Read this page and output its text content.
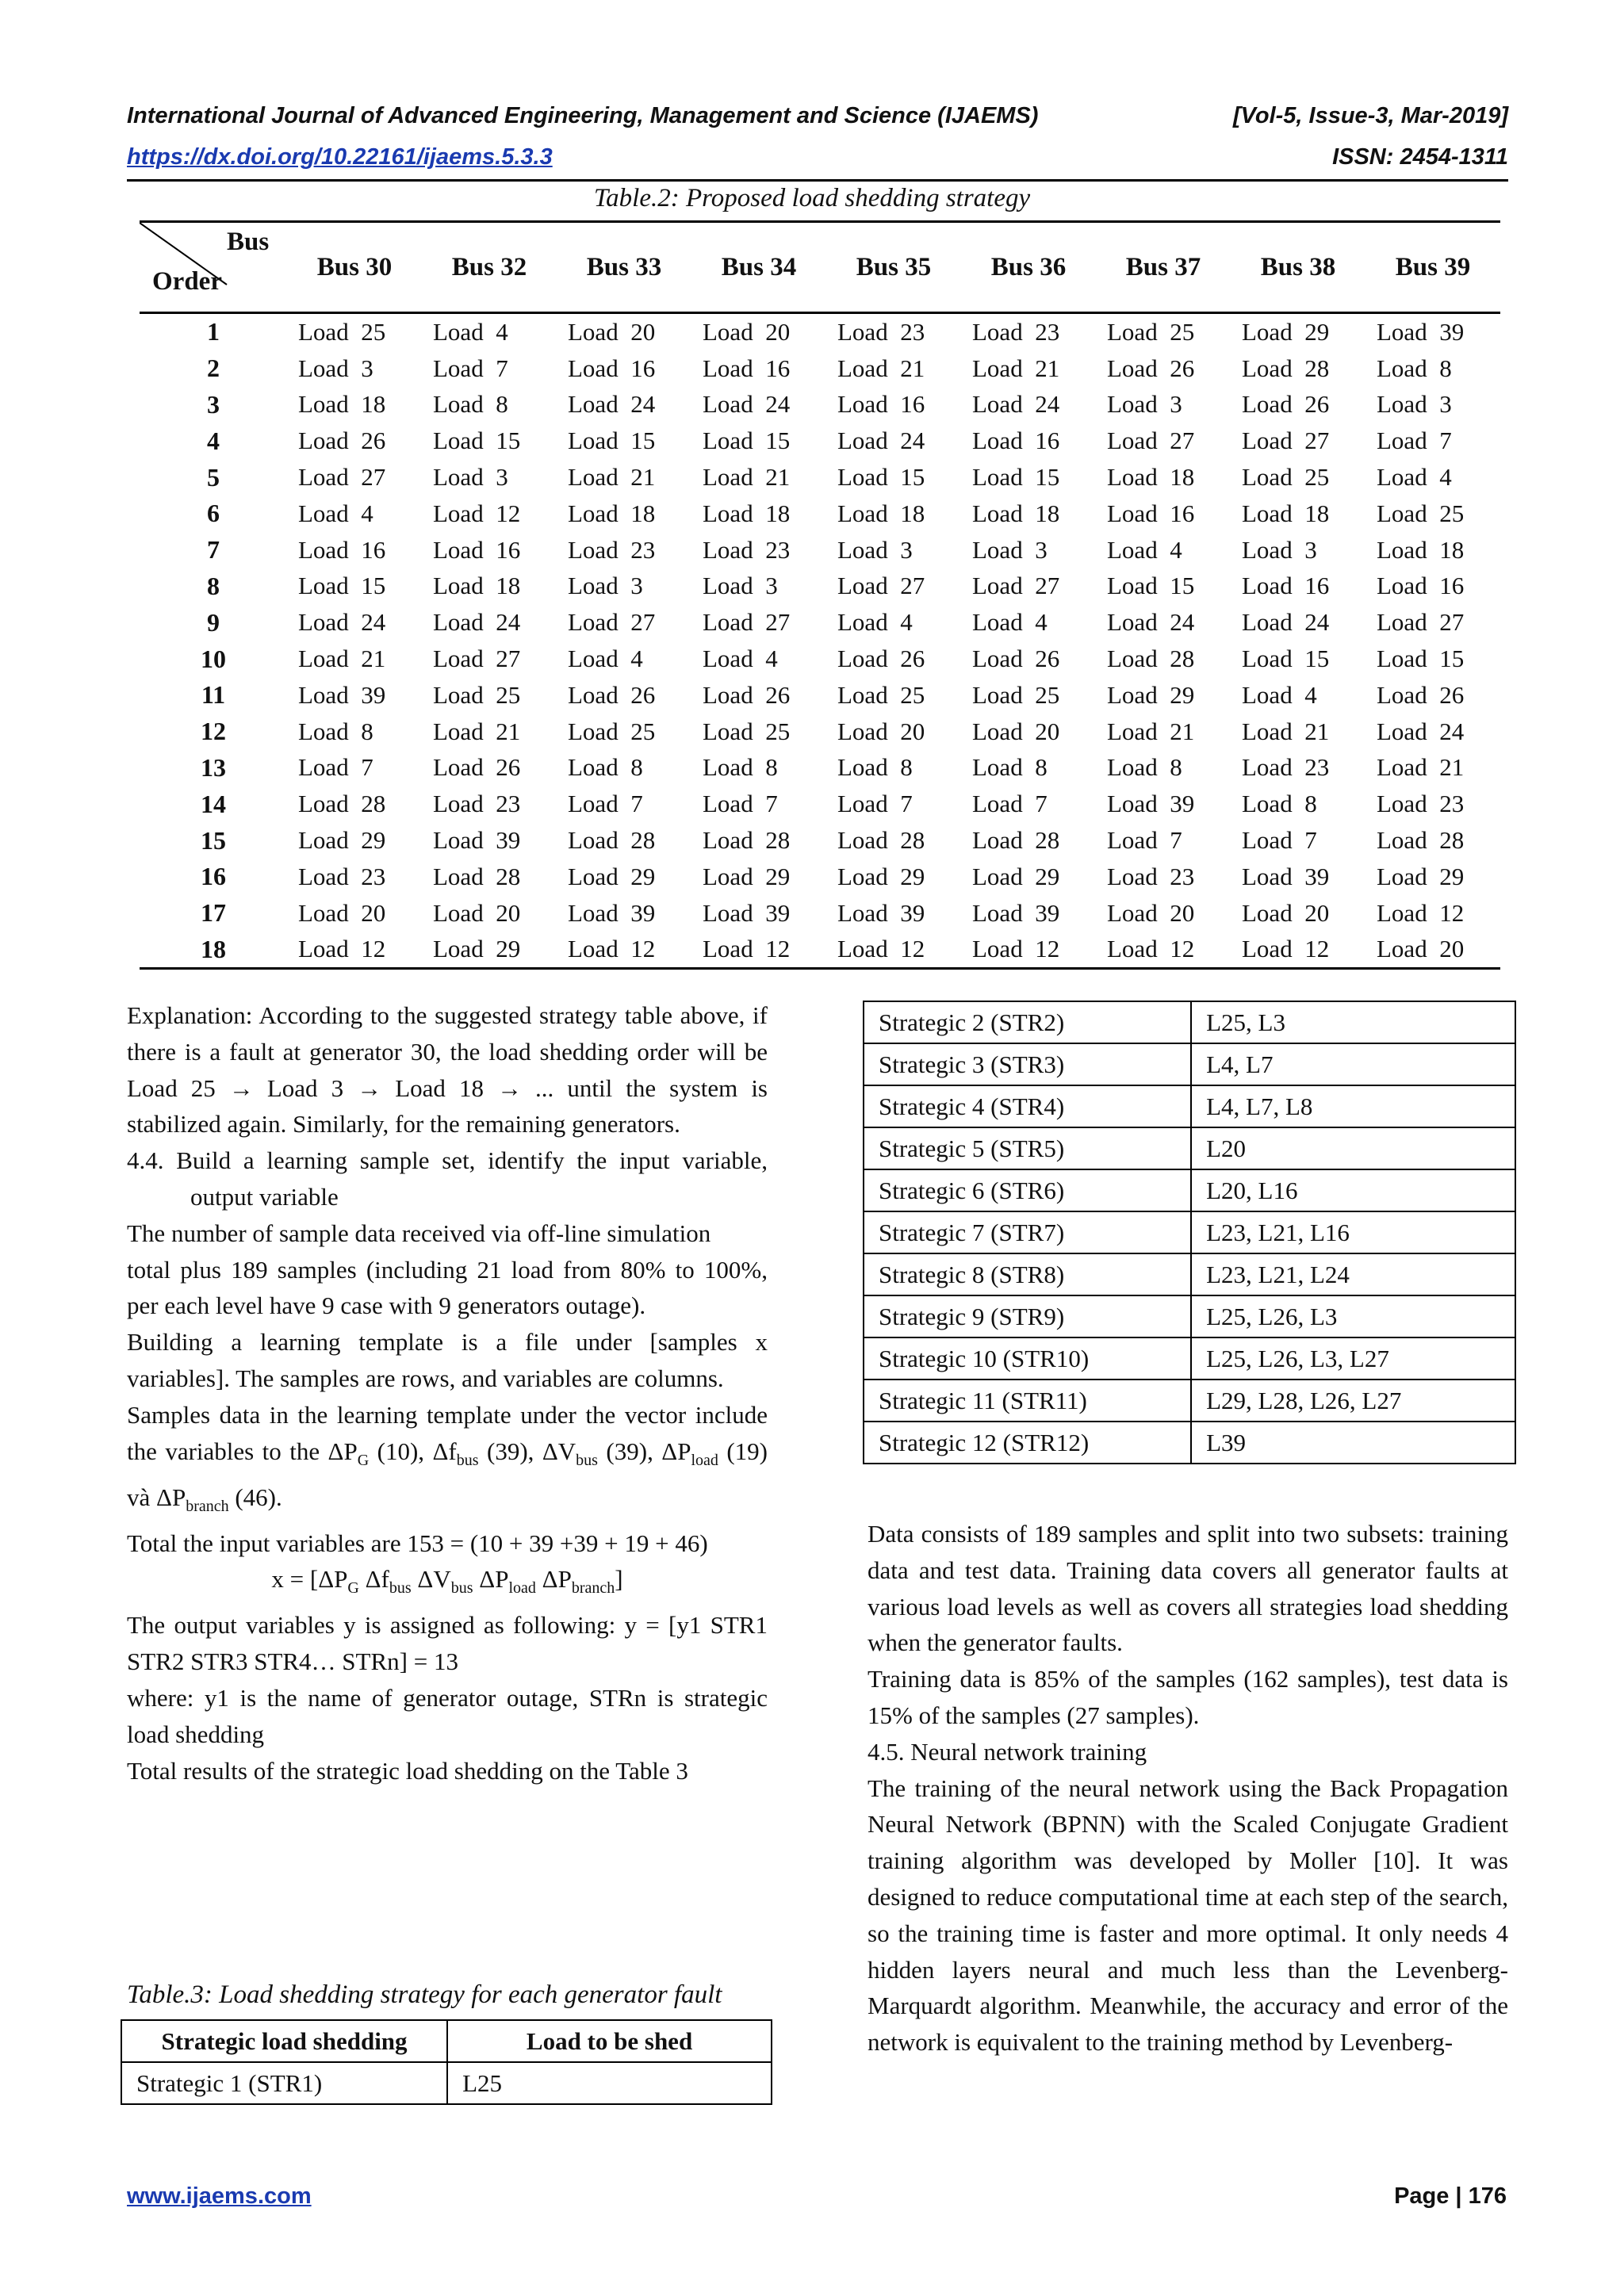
International Journal of Advanced Engineering, Management and Science (IJAEMS)	[Vol-5, Issue-3, Mar-2019]
https://dx.doi.org/10.22161/ijaems.5.3.3	ISSN: 2454-1311
Table.2: Proposed load shedding strategy
Bus
Order	Bus 30	Bus 32	Bus 33	Bus 34	Bus 35	Bus 36	Bus 37	Bus 38	Bus 39
1	Load  25	Load  4	Load  20	Load  20	Load  23	Load  23	Load  25	Load  29	Load  39
2	Load  3	Load  7	Load  16	Load  16	Load  21	Load  21	Load  26	Load  28	Load  8
3	Load  18	Load  8	Load  24	Load  24	Load  16	Load  24	Load  3	Load  26	Load  3
4	Load  26	Load  15	Load  15	Load  15	Load  24	Load  16	Load  27	Load  27	Load  7
5	Load  27	Load  3	Load  21	Load  21	Load  15	Load  15	Load  18	Load  25	Load  4
6	Load  4	Load  12	Load  18	Load  18	Load  18	Load  18	Load  16	Load  18	Load  25
7	Load  16	Load  16	Load  23	Load  23	Load  3	Load  3	Load  4	Load  3	Load  18
8	Load  15	Load  18	Load  3	Load  3	Load  27	Load  27	Load  15	Load  16	Load  16
9	Load  24	Load  24	Load  27	Load  27	Load  4	Load  4	Load  24	Load  24	Load  27
10	Load  21	Load  27	Load  4	Load  4	Load  26	Load  26	Load  28	Load  15	Load  15
11	Load  39	Load  25	Load  26	Load  26	Load  25	Load  25	Load  29	Load  4	Load  26
12	Load  8	Load  21	Load  25	Load  25	Load  20	Load  20	Load  21	Load  21	Load  24
13	Load  7	Load  26	Load  8	Load  8	Load  8	Load  8	Load  8	Load  23	Load  21
14	Load  28	Load  23	Load  7	Load  7	Load  7	Load  7	Load  39	Load  8	Load  23
15	Load  29	Load  39	Load  28	Load  28	Load  28	Load  28	Load  7	Load  7	Load  28
16	Load  23	Load  28	Load  29	Load  29	Load  29	Load  29	Load  23	Load  39	Load  29
17	Load  20	Load  20	Load  39	Load  39	Load  39	Load  39	Load  20	Load  20	Load  12
18	Load  12	Load  29	Load  12	Load  12	Load  12	Load  12	Load  12	Load  12	Load  20

Explanation: According to the suggested strategy table above, if there is a fault at generator 30, the load shedding order will be Load 25 → Load 3 → Load 18 → ... until the system is stabilized again. Similarly, for the remaining generators.

4.4. Build a learning sample set, identify the input variable, output variable

The number of sample data received via off-line simulation

total plus 189 samples (including 21 load from 80% to 100%, per each level have 9 case with 9 generators outage).

Building a learning template is a file under [samples x variables]. The samples are rows, and variables are columns.

Samples data in the learning template under the vector include the variables to the $\Delta P_G$ (10), $\Delta f_{bus}$ (39), $\Delta V_{bus}$ (39), $\Delta P_{load}$ (19) và $\Delta P_{branch}$ (46).

Total the input variables are 153 = (10 + 39 +39 + 19 + 46)

$x = [\Delta P_G$ $\Delta f_{bus}$ $\Delta V_{bus}$ $\Delta P_{load}$ $\Delta P_{branch}$]

The output variables y is assigned as following: y = [y1 STR1 STR2 STR3 STR4… STRn] = 13

where: y1 is the name of generator outage, STRn is strategic load shedding

Total results of the strategic load shedding on the Table 3

Table.3: Load shedding strategy for each generator fault
Strategic load shedding	Load to be shed
Strategic 1 (STR1)	L25
Strategic 2 (STR2)	L25, L3
Strategic 3 (STR3)	L4, L7
Strategic 4 (STR4)	L4, L7, L8
Strategic 5 (STR5)	L20
Strategic 6 (STR6)	L20, L16
Strategic 7 (STR7)	L23, L21, L16
Strategic 8 (STR8)	L23, L21, L24
Strategic 9 (STR9)	L25, L26, L3
Strategic 10 (STR10)	L25, L26, L3, L27
Strategic 11 (STR11)	L29, L28, L26, L27
Strategic 12 (STR12)	L39

Data consists of 189 samples and split into two subsets: training data and test data. Training data covers all generator faults at various load levels as well as covers all strategies load shedding when the generator faults.

Training data is 85% of the samples (162 samples), test data is 15% of the samples (27 samples).

4.5. Neural network training

The training of the neural network using the Back Propagation Neural Network (BPNN) with the Scaled Conjugate Gradient training algorithm was developed by Moller [10]. It was designed to reduce computational time at each step of the search, so the training time is faster and more optimal. It only needs 4 hidden layers neural and much less than the Levenberg-Marquardt algorithm. Meanwhile, the accuracy and error of the network is equivalent to the training method by Levenberg-

www.ijaems.com	Page | 176
